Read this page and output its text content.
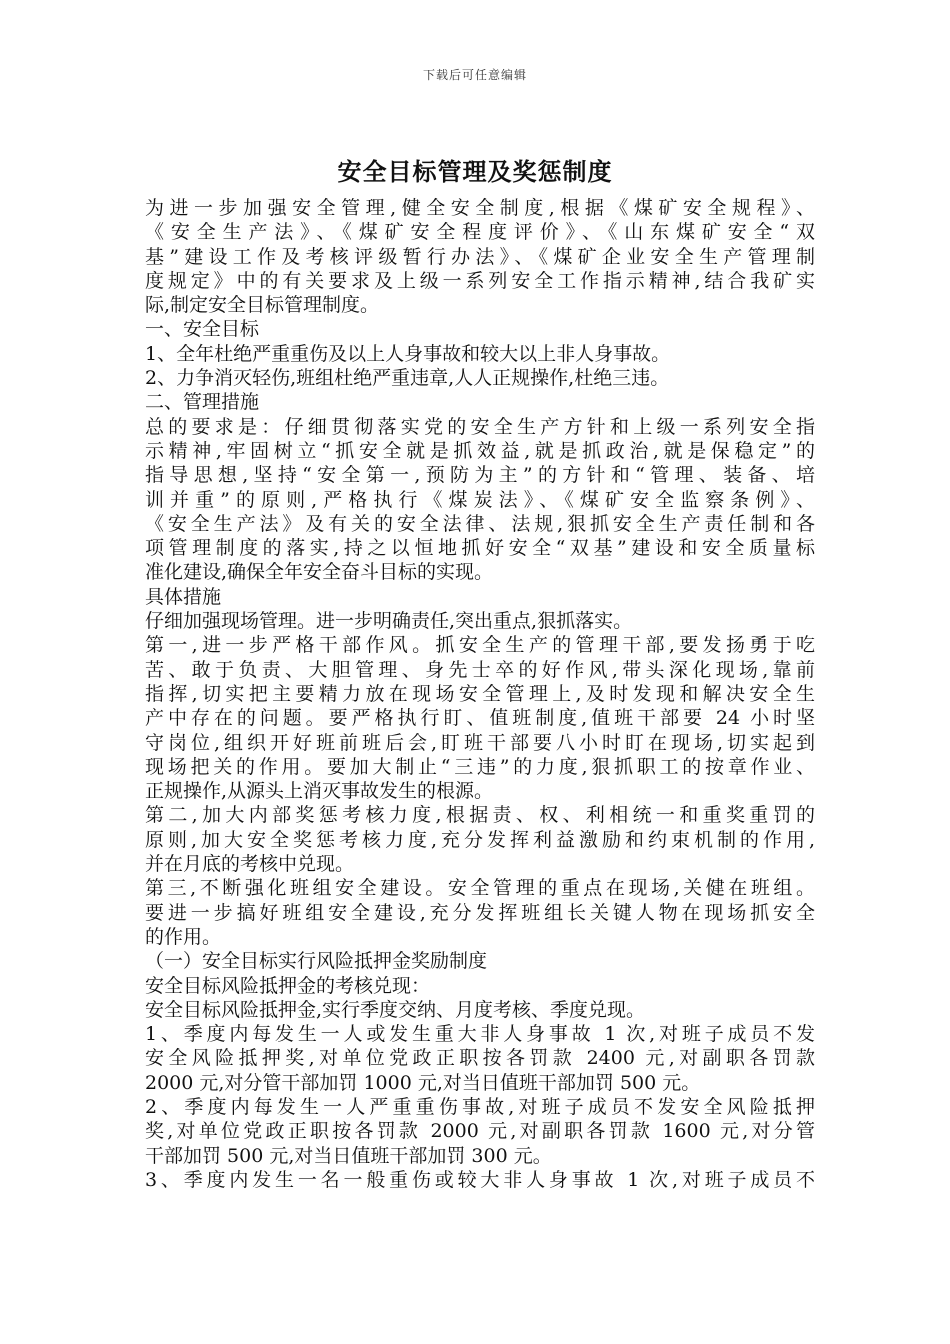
下载后可任意编辑
安全目标管理及奖惩制度
为进一步加强安全管理,健全安全制度,根据《煤矿安全规程》、
《安全生产法》、《煤矿安全程度评价》、《山东煤矿安全“双
基”建设工作及考核评级暂行办法》、《煤矿企业安全生产管理制
度规定》中的有关要求及上级一系列安全工作指示精神,结合我矿实
际,制定安全目标管理制度。
一、安全目标
1、全年杜绝严重重伤及以上人身事故和较大以上非人身事故。
2、力争消灭轻伤,班组杜绝严重违章,人人正规操作,杜绝三违。
二、管理措施
总的要求是：仔细贯彻落实党的安全生产方针和上级一系列安全指
示精神,牢固树立“抓安全就是抓效益,就是抓政治,就是保稳定”的
指导思想,坚持“安全第一,预防为主”的方针和“管理、装备、培
训并重”的原则,严格执行《煤炭法》、《煤矿安全监察条例》、
《安全生产法》及有关的安全法律、法规,狠抓安全生产责任制和各
项管理制度的落实,持之以恒地抓好安全“双基”建设和安全质量标
准化建设,确保全年安全奋斗目标的实现。
具体措施
仔细加强现场管理。进一步明确责任,突出重点,狠抓落实。
第一,进一步严格干部作风。抓安全生产的管理干部,要发扬勇于吃
苦、敢于负责、大胆管理、身先士卒的好作风,带头深化现场,靠前
指挥,切实把主要精力放在现场安全管理上,及时发现和解决安全生
产中存在的问题。要严格执行盯、值班制度,值班干部要 24 小时坚
守岗位,组织开好班前班后会,盯班干部要八小时盯在现场,切实起到
现场把关的作用。要加大制止“三违”的力度,狠抓职工的按章作业、
正规操作,从源头上消灭事故发生的根源。
第二,加大内部奖惩考核力度,根据责、权、利相统一和重奖重罚的
原则,加大安全奖惩考核力度,充分发挥利益激励和约束机制的作用,
并在月底的考核中兑现。
第三,不断强化班组安全建设。安全管理的重点在现场,关健在班组。
要进一步搞好班组安全建设,充分发挥班组长关键人物在现场抓安全
的作用。
（一）安全目标实行风险抵押金奖励制度
安全目标风险抵押金的考核兑现：
安全目标风险抵押金,实行季度交纳、月度考核、季度兑现。
1、季度内每发生一人或发生重大非人身事故 1 次,对班子成员不发
安全风险抵押奖,对单位党政正职按各罚款 2400 元,对副职各罚款
2000 元,对分管干部加罚 1000 元,对当日值班干部加罚 500 元。
2、季度内每发生一人严重重伤事故,对班子成员不发安全风险抵押
奖,对单位党政正职按各罚款 2000 元,对副职各罚款 1600 元,对分管
干部加罚 500 元,对当日值班干部加罚 300 元。
3、季度内发生一名一般重伤或较大非人身事故 1 次,对班子成员不
